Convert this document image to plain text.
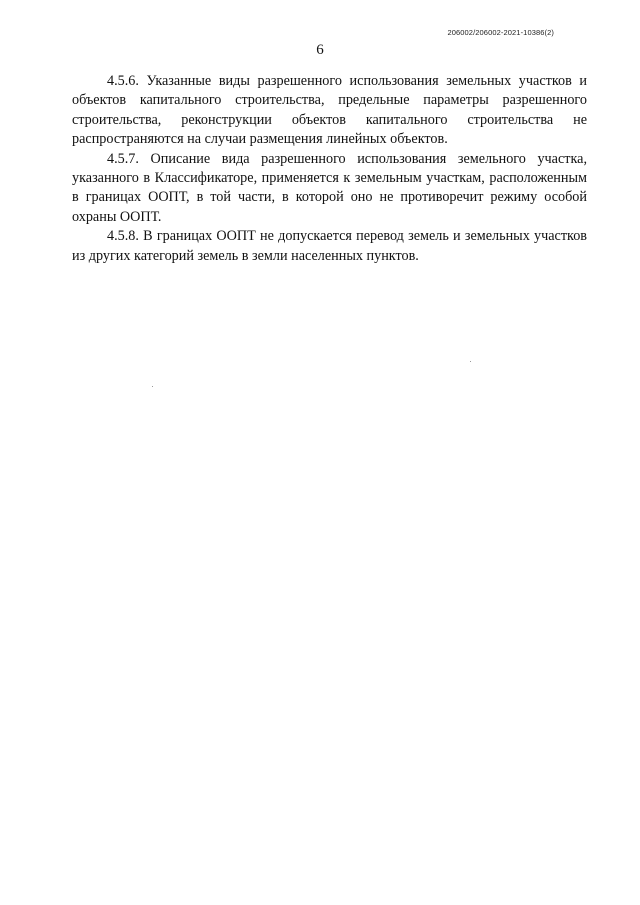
206002/206002-2021-10386(2)
6

4.5.6. Указанные виды разрешенного использования земельных участков и объектов капитального строительства, предельные параметры разрешенного строительства, реконструкции объектов капитального строительства не распространяются на случаи размещения линейных объектов.

4.5.7. Описание вида разрешенного использования земельного участка, указанного в Классификаторе, применяется к земельным участкам, расположенным в границах ООПТ, в той части, в которой оно не противоречит режиму особой охраны ООПТ.

4.5.8. В границах ООПТ не допускается перевод земель и земельных участков из других категорий земель в земли населенных пунктов.
